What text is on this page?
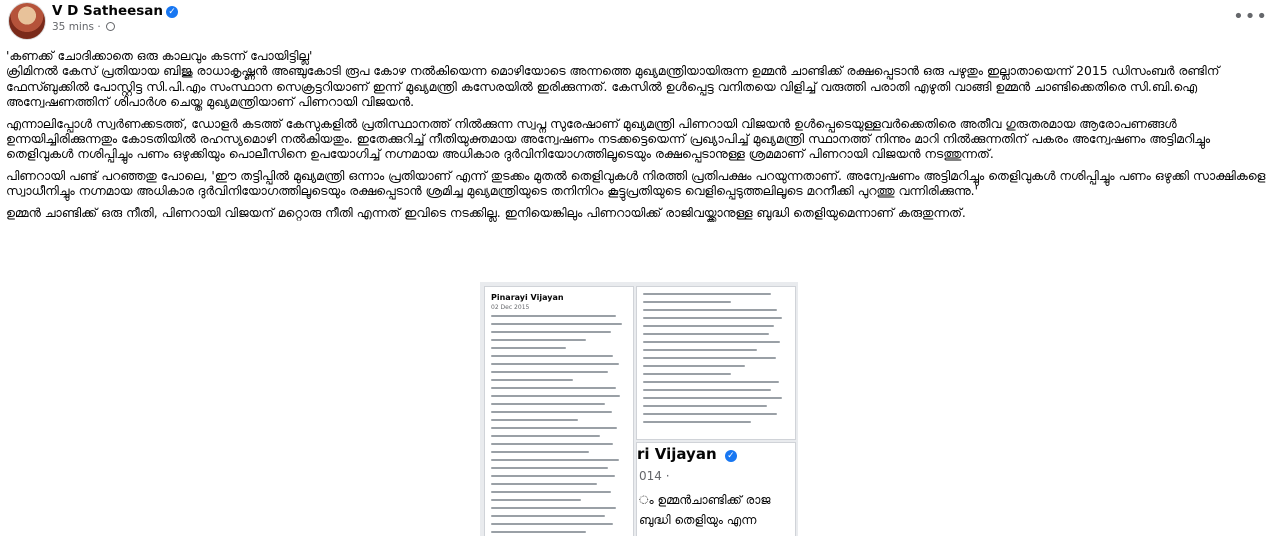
V D Satheesan ✓
35 mins ·	•••

'കണക്ക് ചോദിക്കാതെ ഒരു കാലവും കടന്ന് പോയിട്ടില്ല'

ക്രിമിനൽ കേസ് പ്രതിയായ ബിജു രാധാകൃഷ്ണൻ അഞ്ചുകോടി രൂപ കോഴ നൽകിയെന്ന മൊഴിയോടെ അന്നത്തെ മുഖ്യമന്ത്രിയായിരുന്ന ഉമ്മൻ ചാണ്ടിക്ക് രക്ഷപ്പെടാൻ ഒരു പഴുതും ഇല്ലാതായെന്ന് 2015 ഡിസംബർ രണ്ടിന് ഫേസ്ബുക്കിൽ പോസ്റ്റിട്ട സി.പി.എം സംസ്ഥാന സെക്രട്ടറിയാണ് ഇന്ന് മുഖ്യമന്ത്രി കസേരയിൽ ഇരിക്കുന്നത്. കേസിൽ ഉൾപ്പെട്ട വനിതയെ വിളിച്ച് വരുത്തി പരാതി എഴുതി വാങ്ങി ഉമ്മൻ ചാണ്ടിക്കെതിരെ സി.ബി.ഐ അന്വേഷണത്തിന് ശിപാർശ ചെയ്ത മുഖ്യമന്ത്രിയാണ് പിണറായി വിജയൻ.

എന്നാലിപ്പോൾ സ്വർണക്കടത്ത്, ഡോളർ കടത്ത് കേസുകളിൽ പ്രതിസ്ഥാനത്ത് നിൽക്കുന്ന സ്വപ്ന സുരേഷാണ് മുഖ്യമന്ത്രി പിണറായി വിജയൻ ഉൾപ്പെടെയുള്ളവർക്കെതിരെ അതീവ ഗുരുതരമായ ആരോപണങ്ങൾ ഉന്നയിച്ചിരിക്കുന്നതും കോടതിയിൽ രഹസ്യമൊഴി നൽകിയതും. ഇതേക്കുറിച്ച് നീതിയുക്തമായ അന്വേഷണം നടക്കട്ടെയെന്ന് പ്രഖ്യാപിച്ച് മുഖ്യമന്ത്രി സ്ഥാനത്ത് നിന്നും മാറി നിൽക്കുന്നതിന് പകരം അന്വേഷണം അട്ടിമറിച്ചും തെളിവുകൾ നശിപ്പിച്ചും പണം ഒഴുക്കിയും പൊലീസിനെ ഉപയോഗിച്ച് നഗ്നമായ അധികാര ദുർവിനിയോഗത്തിലൂടെയും രക്ഷപ്പെടാനുള്ള ശ്രമമാണ് പിണറായി വിജയൻ നടത്തുന്നത്.

പിണറായി പണ്ട് പറഞ്ഞതു പോലെ, 'ഈ തട്ടിപ്പിൽ മുഖ്യമന്ത്രി ഒന്നാം പ്രതിയാണ് എന്ന് തുടക്കം മുതൽ തെളിവുകൾ നിരത്തി പ്രതിപക്ഷം പറയുന്നതാണ്. അന്വേഷണം അട്ടിമറിച്ചും തെളിവുകൾ നശിപ്പിച്ചും പണം ഒഴുക്കി സാക്ഷികളെ സ്വാധീനിച്ചും നഗ്നമായ അധികാര ദുർവിനിയോഗത്തിലൂടെയും രക്ഷപ്പെടാൻ ശ്രമിച്ച മുഖ്യമന്ത്രിയുടെ തനിനിറം കൂട്ടുപ്രതിയുടെ വെളിപ്പെടുത്തലിലൂടെ മറനീക്കി പുറത്തു വന്നിരിക്കുന്നു.'

ഉമ്മൻ ചാണ്ടിക്ക് ഒരു നീതി, പിണറായി വിജയന് മറ്റൊരു നീതി എന്നത് ഇവിടെ നടക്കില്ല. ഇനിയെങ്കിലും പിണറായിക്ക് രാജിവയ്ക്കാനുള്ള ബുദ്ധി തെളിയുമെന്നാണ് കരുതുന്നത്.

Pinarayi Vijayan
02 Dec 2015
ri Vijayan ✓
014 ·
ം ഉമ്മൻചാണ്ടിക്ക് രാജ
ബുദ്ധി തെളിയും എന്ന
